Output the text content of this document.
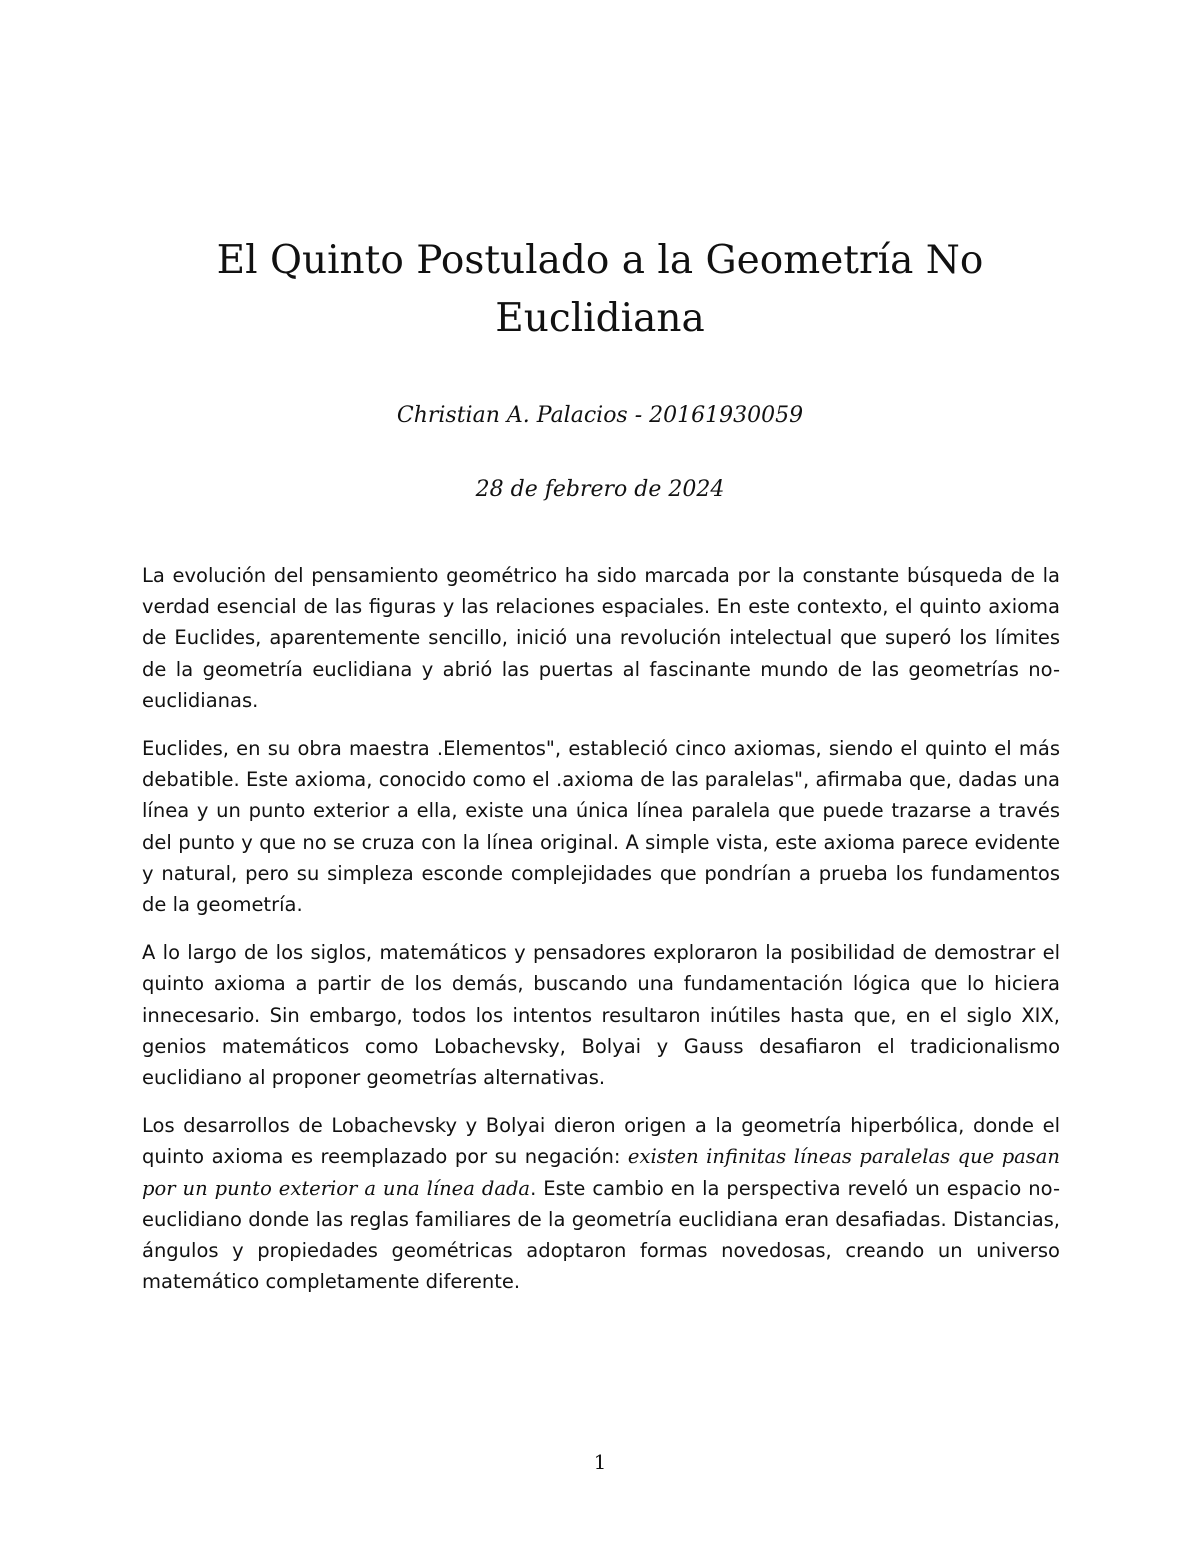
El Quinto Postulado a la Geometría No
Euclidiana

Christian A. Palacios - 20161930059

28 de febrero de 2024

La evolución del pensamiento geométrico ha sido marcada por la constante búsqueda de la verdad esencial de las figuras y las relaciones espaciales. En este contexto, el quinto axioma de Euclides, aparentemente sencillo, inició una revolución intelectual que superó los límites de la geometría euclidiana y abrió las puertas al fascinante mundo de las geometrías no-euclidianas.

Euclides, en su obra maestra .Elementos", estableció cinco axiomas, siendo el quinto el más debatible. Este axioma, conocido como el .axioma de las paralelas", afirmaba que, dadas una línea y un punto exterior a ella, existe una única línea paralela que puede trazarse a través del punto y que no se cruza con la línea original. A simple vista, este axioma parece evidente y natural, pero su simpleza esconde complejidades que pondrían a prueba los fundamentos de la geometría.

A lo largo de los siglos, matemáticos y pensadores exploraron la posibilidad de demostrar el quinto axioma a partir de los demás, buscando una fundamentación lógica que lo hiciera innecesario. Sin embargo, todos los intentos resultaron inútiles hasta que, en el siglo XIX, genios matemáticos como Lobachevsky, Bolyai y Gauss desafiaron el tradicionalismo euclidiano al proponer geometrías alternativas.

Los desarrollos de Lobachevsky y Bolyai dieron origen a la geometría hiperbólica, donde el quinto axioma es reemplazado por su negación: existen infinitas líneas paralelas que pasan por un punto exterior a una línea dada. Este cambio en la perspectiva reveló un espacio no-euclidiano donde las reglas familiares de la geometría euclidiana eran desafiadas. Distancias, ángulos y propiedades geométricas adoptaron formas novedosas, creando un universo matemático completamente diferente.

1
